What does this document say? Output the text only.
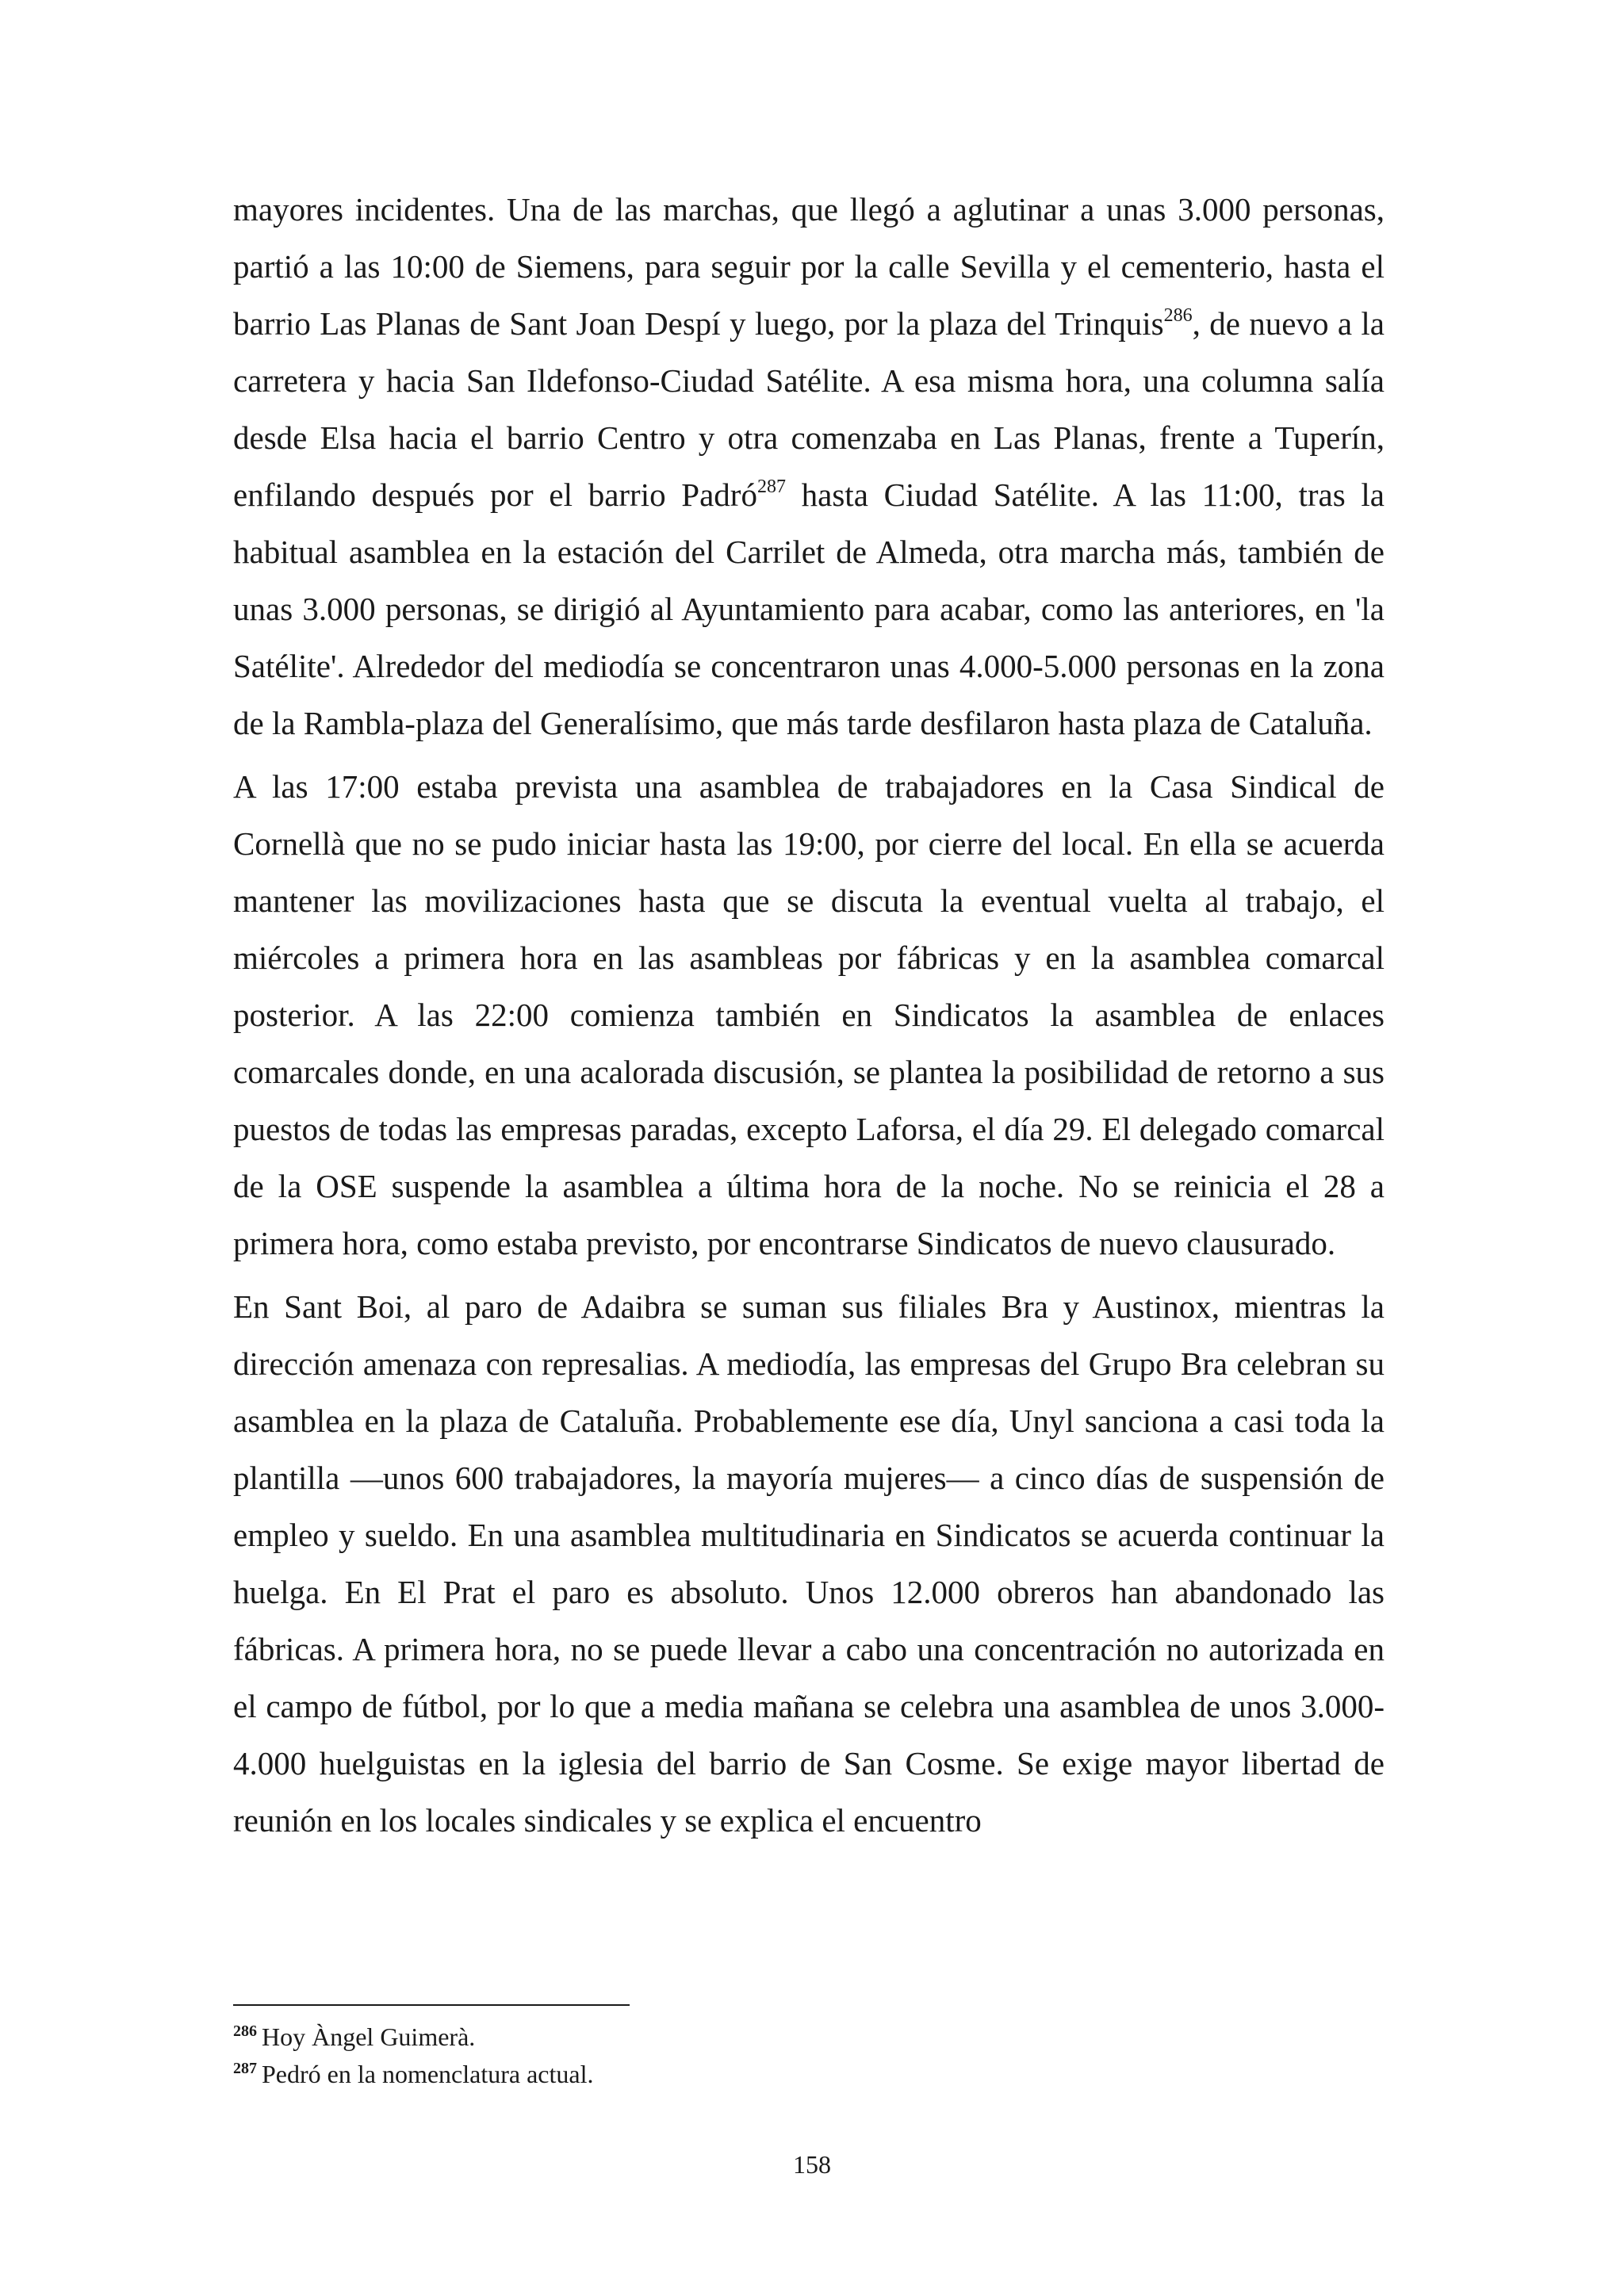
mayores incidentes. Una de las marchas, que llegó a aglutinar a unas 3.000 personas, partió a las 10:00 de Siemens, para seguir por la calle Sevilla y el cementerio, hasta el barrio Las Planas de Sant Joan Despí y luego, por la plaza del Trinquis$^{286}$, de nuevo a la carretera y hacia San Ildefonso-Ciudad Satélite. A esa misma hora, una columna salía desde Elsa hacia el barrio Centro y otra comenzaba en Las Planas, frente a Tuperín, enfilando después por el barrio Padró$^{287}$ hasta Ciudad Satélite. A las 11:00, tras la habitual asamblea en la estación del Carrilet de Almeda, otra marcha más, también de unas 3.000 personas, se dirigió al Ayuntamiento para acabar, como las anteriores, en 'la Satélite'. Alrededor del mediodía se concentraron unas 4.000-5.000 personas en la zona de la Rambla-plaza del Generalísimo, que más tarde desfilaron hasta plaza de Cataluña.

A las 17:00 estaba prevista una asamblea de trabajadores en la Casa Sindical de Cornellà que no se pudo iniciar hasta las 19:00, por cierre del local. En ella se acuerda mantener las movilizaciones hasta que se discuta la eventual vuelta al trabajo, el miércoles a primera hora en las asambleas por fábricas y en la asamblea comarcal posterior. A las 22:00 comienza también en Sindicatos la asamblea de enlaces comarcales donde, en una acalorada discusión, se plantea la posibilidad de retorno a sus puestos de todas las empresas paradas, excepto Laforsa, el día 29. El delegado comarcal de la OSE suspende la asamblea a última hora de la noche. No se reinicia el 28 a primera hora, como estaba previsto, por encontrarse Sindicatos de nuevo clausurado.

En Sant Boi, al paro de Adaibra se suman sus filiales Bra y Austinox, mientras la dirección amenaza con represalias. A mediodía, las empresas del Grupo Bra celebran su asamblea en la plaza de Cataluña. Probablemente ese día, Unyl sanciona a casi toda la plantilla —unos 600 trabajadores, la mayoría mujeres— a cinco días de suspensión de empleo y sueldo. En una asamblea multitudinaria en Sindicatos se acuerda continuar la huelga. En El Prat el paro es absoluto. Unos 12.000 obreros han abandonado las fábricas. A primera hora, no se puede llevar a cabo una concentración no autorizada en el campo de fútbol, por lo que a media mañana se celebra una asamblea de unos 3.000-4.000 huelguistas en la iglesia del barrio de San Cosme. Se exige mayor libertad de reunión en los locales sindicales y se explica el encuentro

$^{286}$ Hoy Àngel Guimerà.

$^{287}$ Pedró en la nomenclatura actual.

158
